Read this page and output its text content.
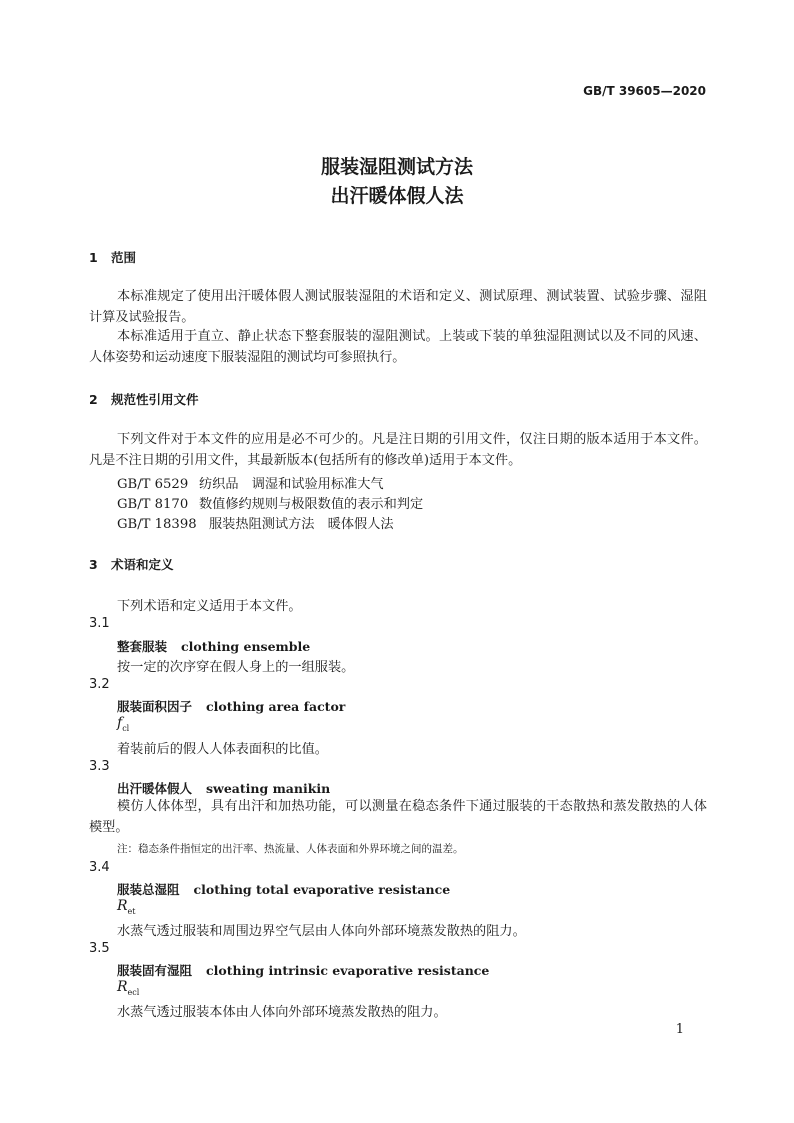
GB/T 39605—2020
服装湿阻测试方法
出汗暖体假人法
1 范围

本标准规定了使用出汗暖体假人测试服装湿阻的术语和定义、测试原理、测试装置、试验步骤、湿阻计算及试验报告。

本标准适用于直立、静止状态下整套服装的湿阻测试。上装或下装的单独湿阻测试以及不同的风速、人体姿势和运动速度下服装湿阻的测试均可参照执行。

2 规范性引用文件

下列文件对于本文件的应用是必不可少的。凡是注日期的引用文件，仅注日期的版本适用于本文件。凡是不注日期的引用文件，其最新版本(包括所有的修改单)适用于本文件。

GB/T 6529 纺织品　调湿和试验用标准大气
GB/T 8170 数值修约规则与极限数值的表示和判定
GB/T 18398 服装热阻测试方法　暖体假人法
3 术语和定义
下列术语和定义适用于本文件。
3.1
整套服装 clothing ensemble
按一定的次序穿在假人身上的一组服装。
3.2
服装面积因子 clothing area factor
$f_{cl}$
着装前后的假人人体表面积的比值。
3.3
出汗暖体假人 sweating manikin

模仿人体体型，具有出汗和加热功能，可以测量在稳态条件下通过服装的干态散热和蒸发散热的人体模型。

注：稳态条件指恒定的出汗率、热流量、人体表面和外界环境之间的温差。
3.4
服装总湿阻 clothing total evaporative resistance
$R_{et}$
水蒸气透过服装和周围边界空气层由人体向外部环境蒸发散热的阻力。
3.5
服装固有湿阻 clothing intrinsic evaporative resistance
$R_{ecl}$
水蒸气透过服装本体由人体向外部环境蒸发散热的阻力。
1
